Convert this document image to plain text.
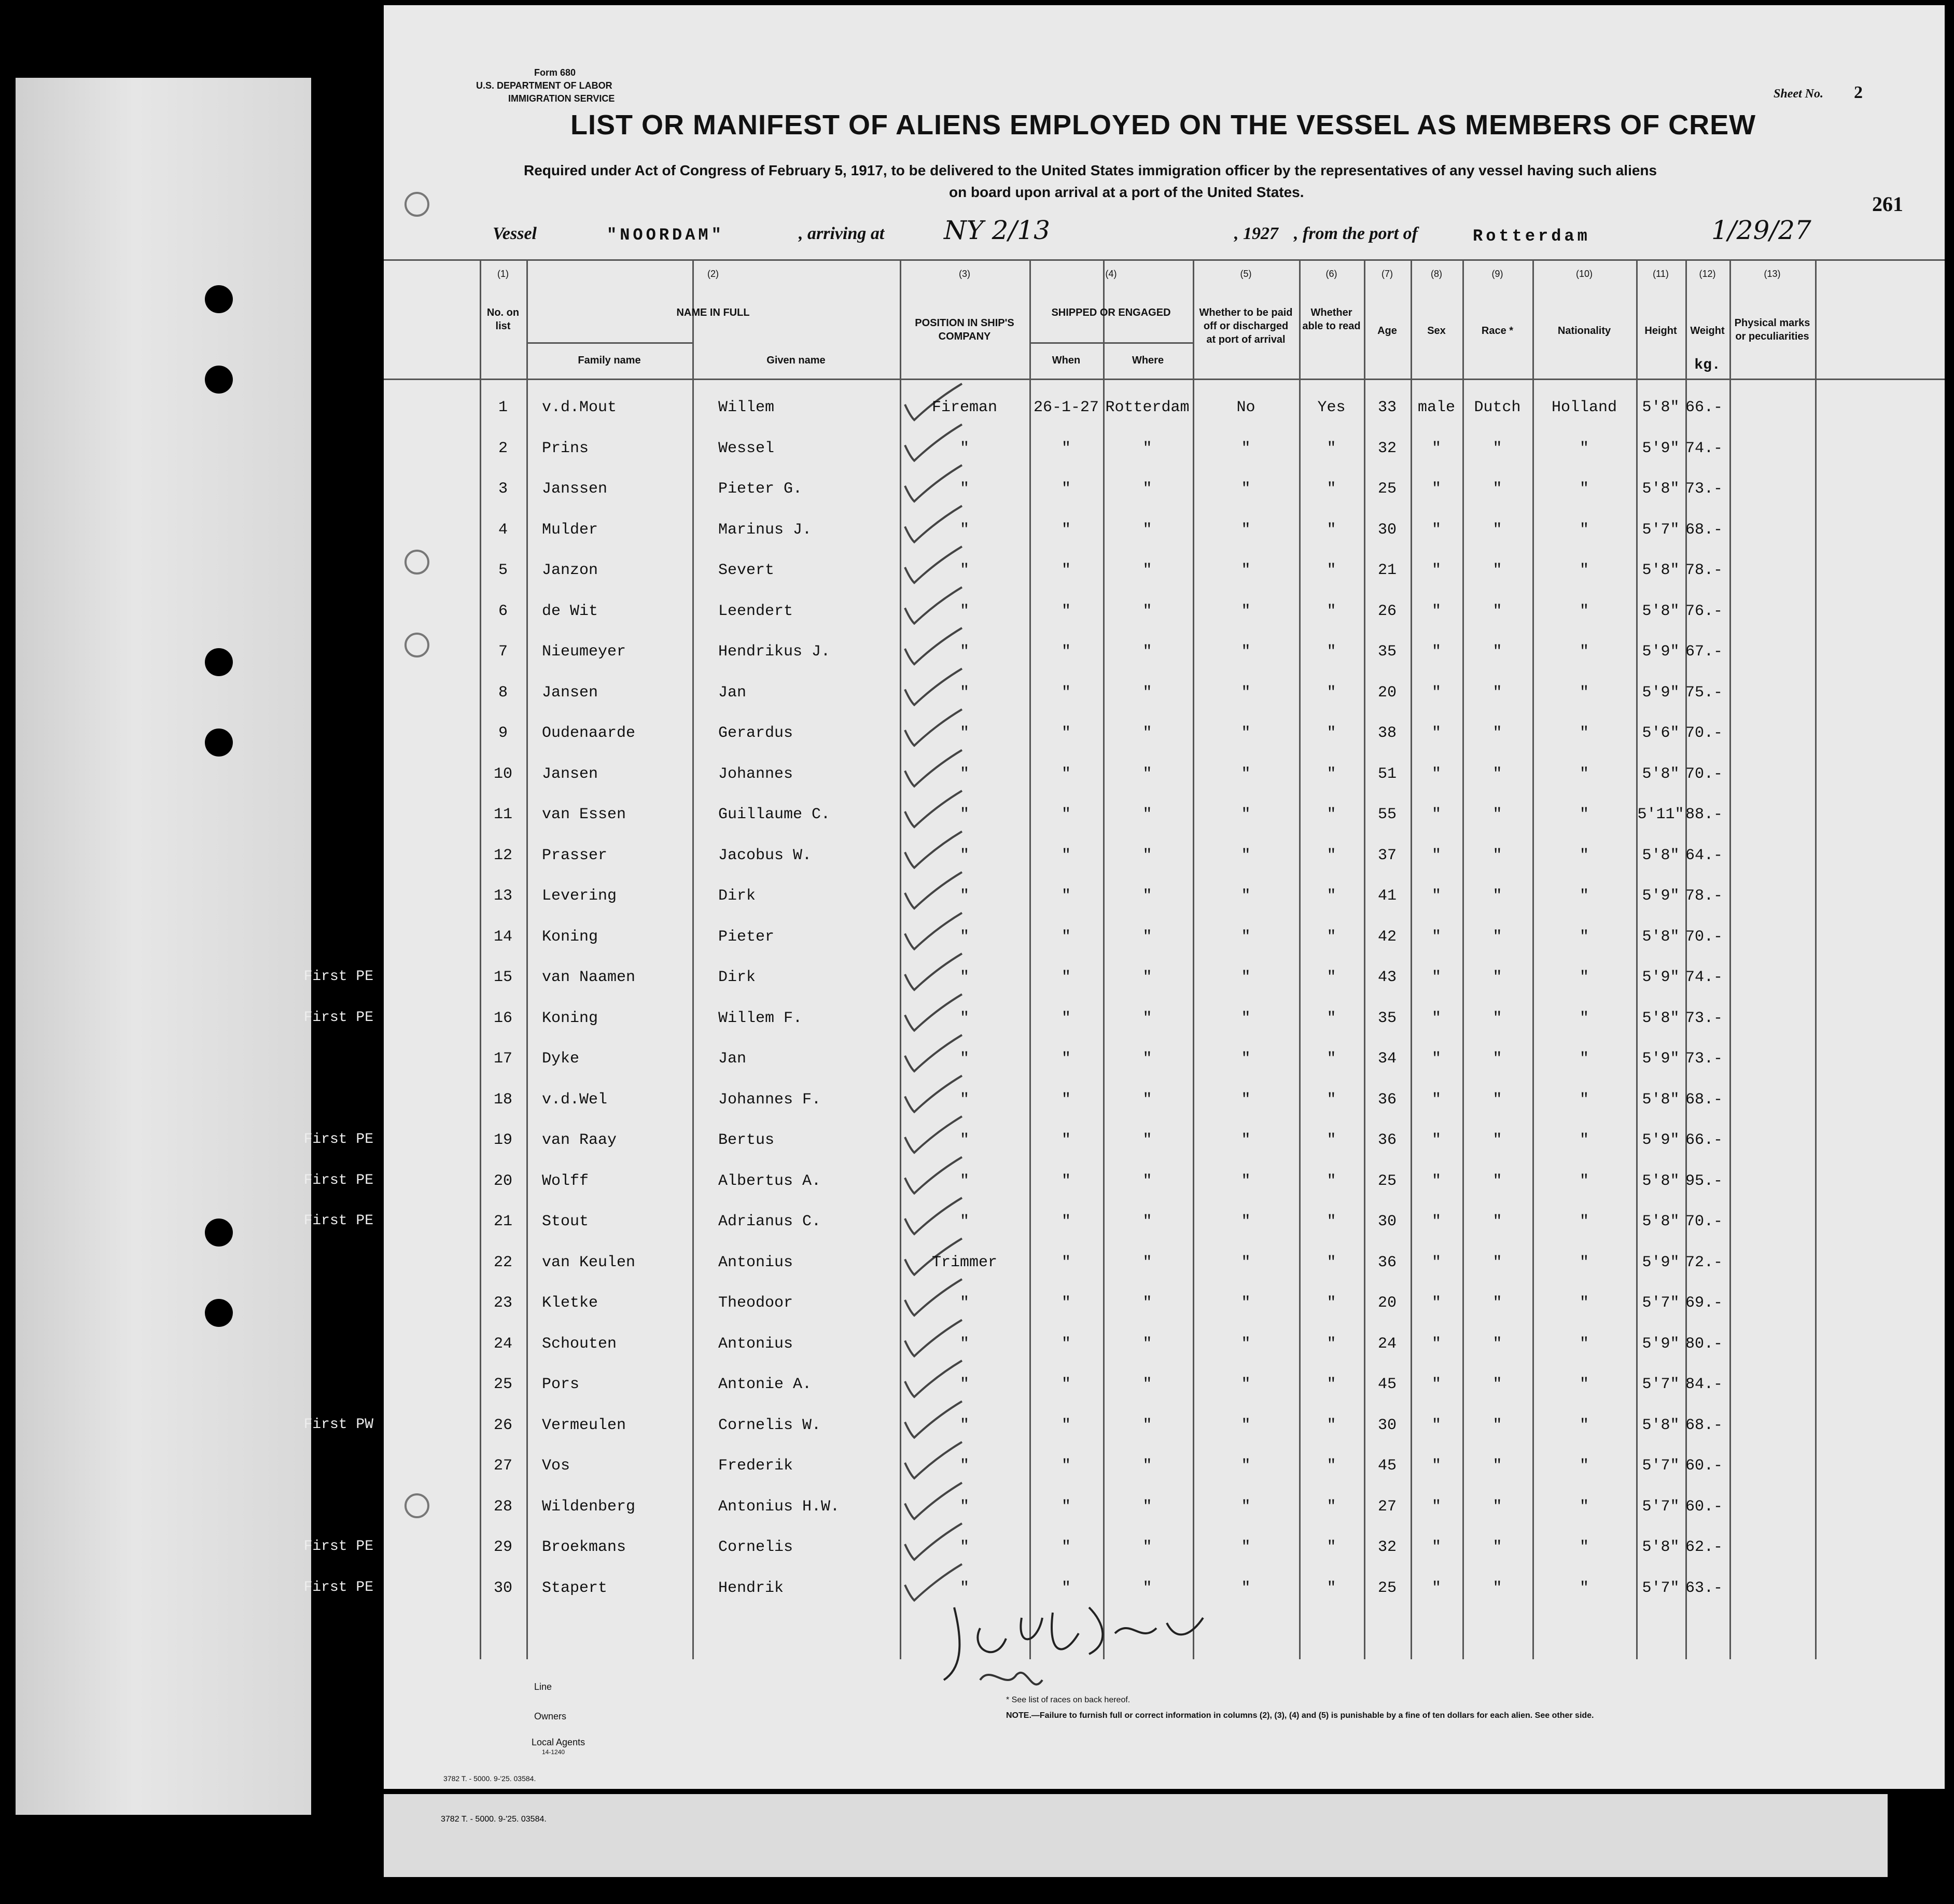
3782 T. - 5000. 9-'25. 03584.
Form 680
U.S. DEPARTMENT OF LABOR
IMMIGRATION SERVICE	Sheet No. 2
LIST OR MANIFEST OF ALIENS EMPLOYED ON THE VESSEL AS MEMBERS OF CREW
Required under Act of Congress of February 5, 1917, to be delivered to the United States immigration officer by the representatives of any vessel having such aliens
on board upon arrival at a port of the United States.
261
Vessel	"NOORDAM"	, arriving at NY 2/13	, 1927 , from the port of	Rotterdam	1/29/27
(1)
No. on list
(2)
NAME IN FULL
Family name	Given name
(3)
POSITION IN SHIP'S COMPANY
(4)
SHIPPED OR ENGAGED
When	Where
(5)
Whether to be paid off or discharged at port of arrival
(6)
Whether able to read
(7)
Age
(8)
Sex
(9)
Race *
(10)
Nationality
(11)
Height
(12)
Weight
kg.
(13)
Physical marks or peculiarities
1	v.d.Mout	Willem	Fireman	26-1-27 Rotterdam	No	Yes	33	male	Dutch	Holland	5'8" 66.-
2	Prins	Wessel	"	"	"	"	"	32	"	"	"	5'9" 74.-
3	Janssen	Pieter G.	"	"	"	"	"	25	"	"	"	5'8" 73.-
4	Mulder	Marinus J.	"	"	"	"	"	30	"	"	"	5'7" 68.-
5	Janzon	Severt	"	"	"	"	"	21	"	"	"	5'8" 78.-
6	de Wit	Leendert	"	"	"	"	"	26	"	"	"	5'8" 76.-
7	Nieumeyer	Hendrikus J.	"	"	"	"	"	35	"	"	"	5'9" 67.-
8	Jansen	Jan	"	"	"	"	"	20	"	"	"	5'9" 75.-
9	Oudenaarde	Gerardus	"	"	"	"	"	38	"	"	"	5'6" 70.-
10	Jansen	Johannes	"	"	"	"	"	51	"	"	"	5'8" 70.-
11	van Essen	Guillaume C.	"	"	"	"	"	55	"	"	"	5'11" 88.-
12	Prasser	Jacobus W.	"	"	"	"	"	37	"	"	"	5'8" 64.-
13	Levering	Dirk	"	"	"	"	"	41	"	"	"	5'9" 78.-
14	Koning	Pieter	"	"	"	"	"	42	"	"	"	5'8" 70.-
First PE	15	van Naamen	Dirk	"	"	"	"	"	43	"	"	"	5'9" 74.-
First PE	16	Koning	Willem F.	"	"	"	"	"	35	"	"	"	5'8" 73.-
17	Dyke	Jan	"	"	"	"	"	34	"	"	"	5'9" 73.-
18	v.d.Wel	Johannes F.	"	"	"	"	"	36	"	"	"	5'8" 68.-
First PE	19	van Raay	Bertus	"	"	"	"	"	36	"	"	"	5'9" 66.-
First PE	20	Wolff	Albertus A.	"	"	"	"	"	25	"	"	"	5'8" 95.-
First PE	21	Stout	Adrianus C.	"	"	"	"	"	30	"	"	"	5'8" 70.-
22	van Keulen	Antonius	Trimmer	"	"	"	"	36	"	"	"	5'9" 72.-
23	Kletke	Theodoor	"	"	"	"	"	20	"	"	"	5'7" 69.-
24	Schouten	Antonius	"	"	"	"	"	24	"	"	"	5'9" 80.-
25	Pors	Antonie A.	"	"	"	"	"	45	"	"	"	5'7" 84.-
First PW	26	Vermeulen	Cornelis W.	"	"	"	"	"	30	"	"	"	5'8" 68.-
27	Vos	Frederik	"	"	"	"	"	45	"	"	"	5'7" 60.-
28	Wildenberg	Antonius H.W.	"	"	"	"	"	27	"	"	"	5'7" 60.-
First PE	29	Broekmans	Cornelis	"	"	"	"	"	32	"	"	"	5'8" 62.-
First PE	30	Stapert	Hendrik	"	"	"	"	"	25	"	"	"	5'7" 63.-
Line
Owners
Local Agents
14-1240
3782 T. - 5000. 9-'25. 03584.
* See list of races on back hereof.
NOTE.—Failure to furnish full or correct information in columns (2), (3), (4) and (5) is punishable by a fine of ten dollars for each alien. See other side.
